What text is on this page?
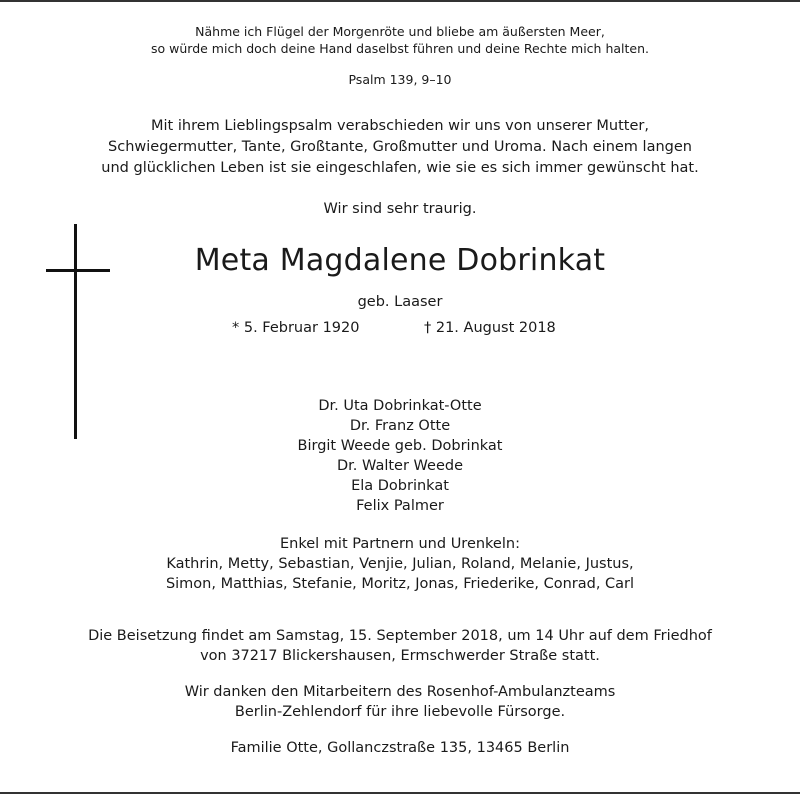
Nähme ich Flügel der Morgenröte und bliebe am äußersten Meer,
so würde mich doch deine Hand daselbst führen und deine Rechte mich halten.
Psalm 139, 9–10
Mit ihrem Lieblingspsalm verabschieden wir uns von unserer Mutter,
Schwiegermutter, Tante, Großtante, Großmutter und Uroma. Nach einem langen
und glücklichen Leben ist sie eingeschlafen, wie sie es sich immer gewünscht hat.
Wir sind sehr traurig.
Meta Magdalene Dobrinkat
geb. Laaser
* 5. Februar 1920	† 21. August 2018
Dr. Uta Dobrinkat-Otte
Dr. Franz Otte
Birgit Weede geb. Dobrinkat
Dr. Walter Weede
Ela Dobrinkat
Felix Palmer
Enkel mit Partnern und Urenkeln:
Kathrin, Metty, Sebastian, Venjie, Julian, Roland, Melanie, Justus,
Simon, Matthias, Stefanie, Moritz, Jonas, Friederike, Conrad, Carl
Die Beisetzung findet am Samstag, 15. September 2018, um 14 Uhr auf dem Friedhof
von 37217 Blickershausen, Ermschwerder Straße statt.
Wir danken den Mitarbeitern des Rosenhof-Ambulanzteams
Berlin-Zehlendorf für ihre liebevolle Fürsorge.
Familie Otte, Gollanczstraße 135, 13465 Berlin
